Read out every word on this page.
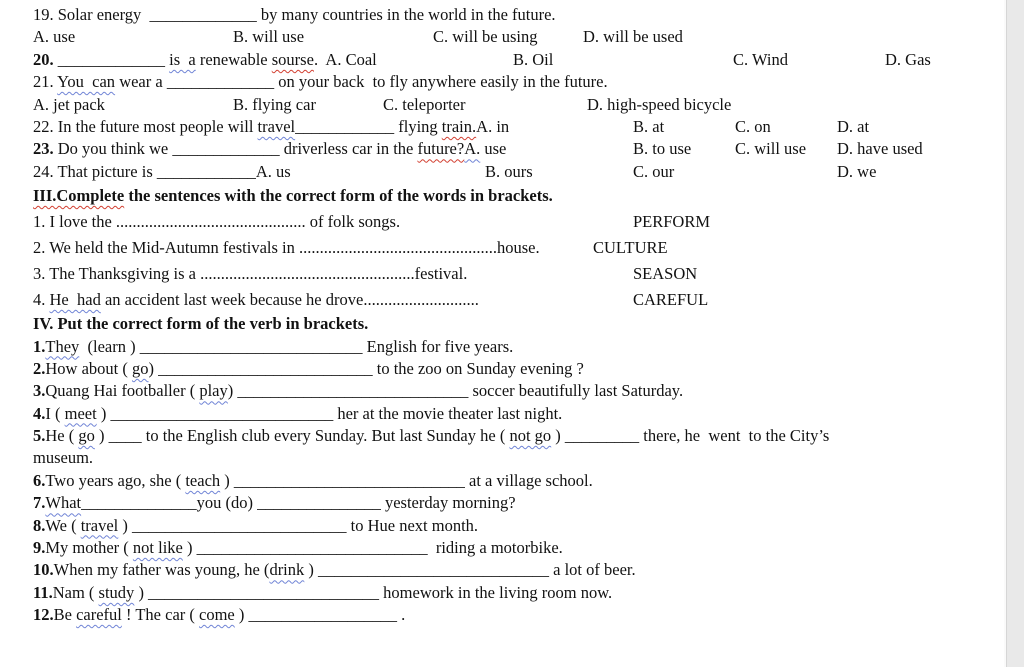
19. Solar energy  _____________ by many countries in the world in the future.
A. use	B. will use	C. will be using	D. will be used
20. _____________ is  a renewable sourse.  A. Coal	B. Oil	C. Wind	D. Gas
21. You  can wear a _____________ on your back  to fly anywhere easily in the future.
A. jet pack	B. flying car	C. teleporter	D. high-speed bicycle
22. In the future most people will travel____________ flying train.A. in	B. at	C. on	D. at
23. Do you think we _____________ driverless car in the future?A. use	B. to use	C. will use D. have used
24. That picture is ____________A. us	B. ours	C. our	D. we
III.Complete the sentences with the correct form of the words in brackets.
1. I love the .............................................. of folk songs.	PERFORM
2. We held the Mid-Autumn festivals in ................................................house.	CULTURE
3. The Thanksgiving is a ....................................................festival.	SEASON
4. He  had an accident last week because he drove............................	CAREFUL
IV. Put the correct form of the verb in brackets.
1.They  (learn ) ___________________________ English for five years.
2.How about ( go) __________________________ to the zoo on Sunday evening ?
3.Quang Hai footballer ( play) ____________________________ soccer beautifully last Saturday.
4.I ( meet ) ___________________________ her at the movie theater last night.
5.He ( go ) ____ to the English club every Sunday. But last Sunday he ( not go ) _________ there, he  went  to the City’s
museum.
6.Two years ago, she ( teach ) ____________________________ at a village school.
7.What______________you (do) _______________ yesterday morning?
8.We ( travel ) __________________________ to Hue next month.
9.My mother ( not like ) ____________________________  riding a motorbike.
10.When my father was young, he (drink ) ____________________________ a lot of beer.
11.Nam ( study ) ____________________________ homework in the living room now.
12.Be careful ! The car ( come ) __________________ .
